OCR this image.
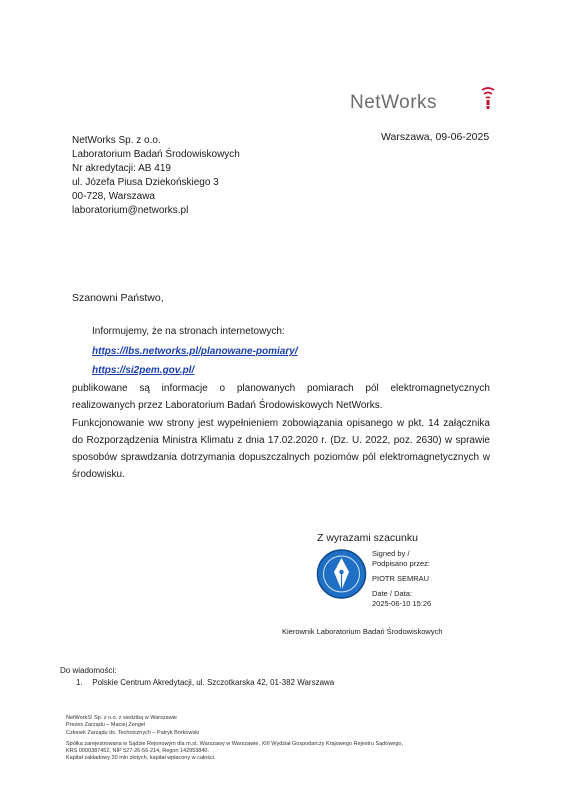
NetWorks
NetWorks Sp. z o.o.
Laboratorium Badań Środowiskowych
Nr akredytacji: AB 419
ul. Józefa Piusa Dziekońskiego 3
00-728, Warszawa
laboratorium@networks.pl
Warszawa, 09-06-2025
Szanowni Państwo,
Informujemy, że na stronach internetowych:
https://lbs.networks.pl/planowane-pomiary/
https://si2pem.gov.pl/

publikowane są informacje o planowanych pomiarach pól elektromagnetycznych realizowanych przez Laboratorium Badań Środowiskowych NetWorks.

Funkcjonowanie ww strony jest wypełnieniem zobowiązania opisanego w pkt. 14 załącznika do Rozporządzenia Ministra Klimatu z dnia 17.02.2020 r. (Dz. U. 2022, poz. 2630) w sprawie sposobów sprawdzania dotrzymania dopuszczalnych poziomów pól elektromagnetycznych w środowisku.

Z wyrazami szacunku
Signed by /
Podpisano przez:
PIOTR SEMRAU
Date / Data:
2025-06-10 15:26
Kierownik Laboratorium Badań Środowiskowych
Do wiadomości:
1. Polskie Centrum Akredytacji, ul. Szczotkarska 42, 01-382 Warszawa
NetWorkS! Sp. z o.o. z siedzibą w Warszawie
Prezes Zarządu – Maciej Zengel
Członek Zarządu ds. Technicznych – Patryk Borkowski
Spółka zarejestrowana w Sądzie Rejonowym dla m.st. Warszawy w Warszawie, XIII Wydział Gospodarczy Krajowego Rejestru Sądowego,
KRS 0000387452, NIP 527-26-56-214, Regon 142953840.
Kapitał zakładowy 30 mln złotych, kapitał wpłacony w całości.
